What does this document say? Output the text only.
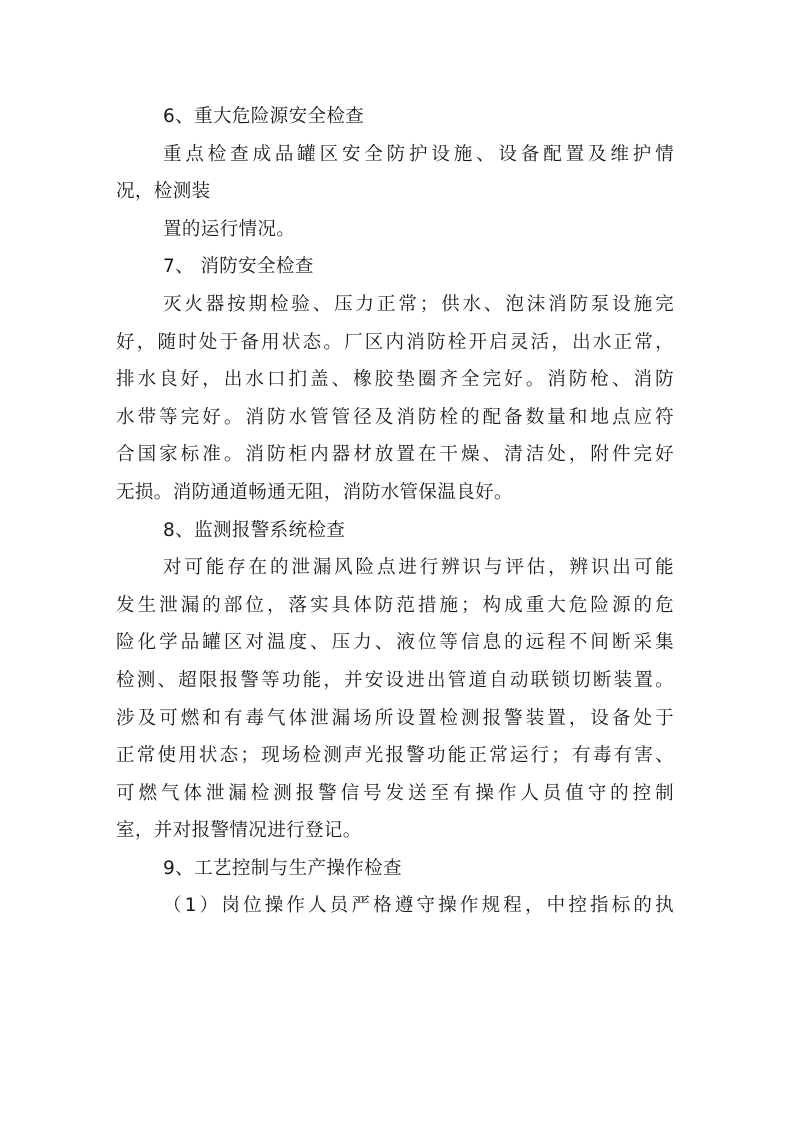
6、重大危险源安全检查
重点检查成品罐区安全防护设施、设备配置及维护情
况，检测装
置的运行情况。
7、 消防安全检查
灭火器按期检验、压力正常；供水、泡沫消防泵设施完
好，随时处于备用状态。厂区内消防栓开启灵活，出水正常，
排水良好，出水口扪盖、橡胶垫圈齐全完好。消防枪、消防
水带等完好。消防水管管径及消防栓的配备数量和地点应符
合国家标准。消防柜内器材放置在干燥、清洁处，附件完好
无损。消防通道畅通无阻，消防水管保温良好。
8、监测报警系统检查
对可能存在的泄漏风险点进行辨识与评估，辨识出可能
发生泄漏的部位，落实具体防范措施；构成重大危险源的危
险化学品罐区对温度、压力、液位等信息的远程不间断采集
检测、超限报警等功能，并安设进出管道自动联锁切断装置。
涉及可燃和有毒气体泄漏场所设置检测报警装置，设备处于
正常使用状态；现场检测声光报警功能正常运行；有毒有害、
可燃气体泄漏检测报警信号发送至有操作人员值守的控制
室，并对报警情况进行登记。
9、工艺控制与生产操作检查
（1）岗位操作人员严格遵守操作规程，中控指标的执
